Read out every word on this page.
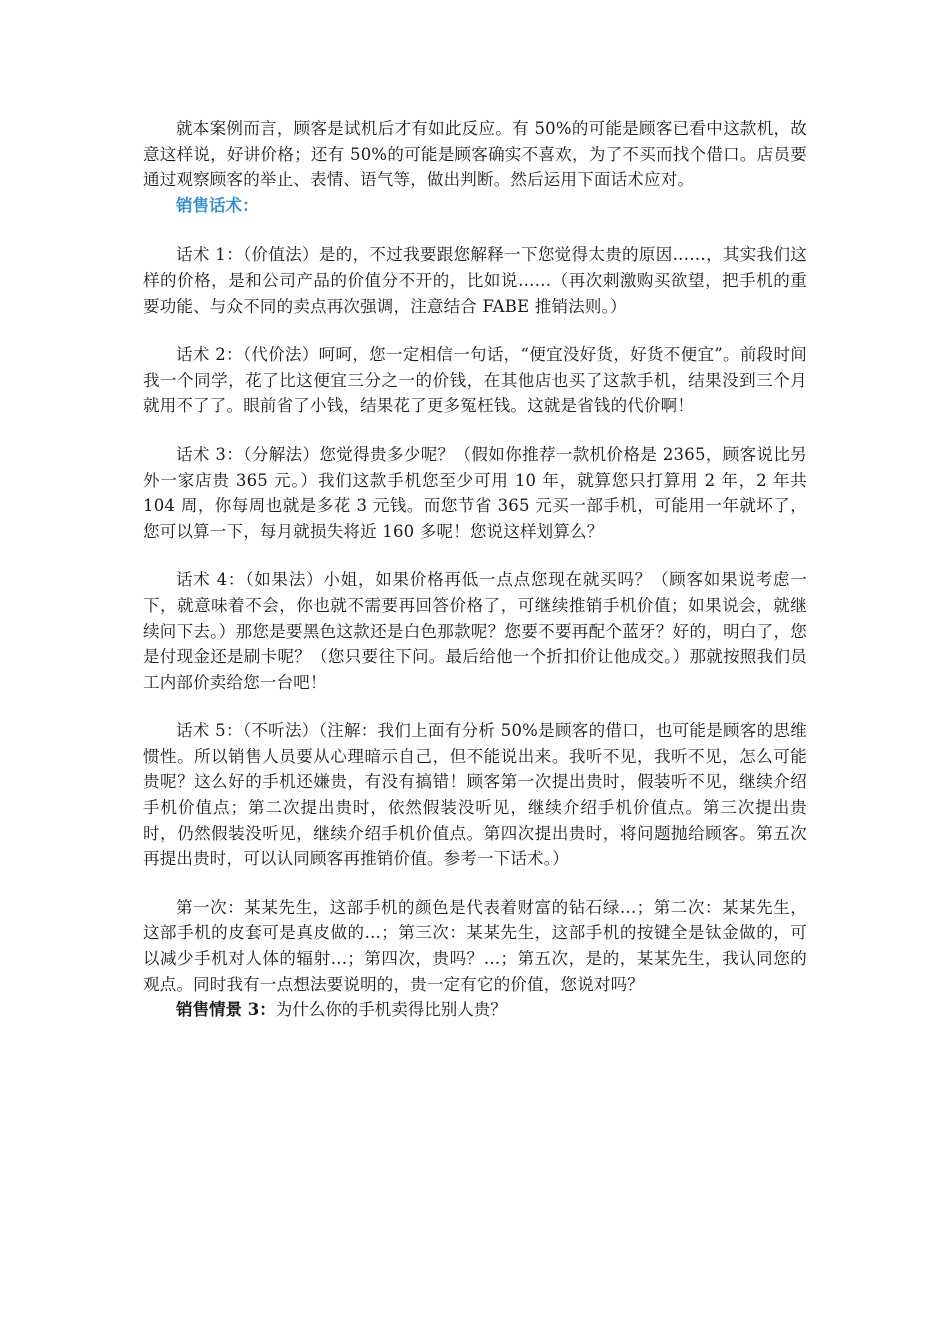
就本案例而言，顾客是试机后才有如此反应。有 50%的可能是顾客已看中这款机，故意这样说，好讲价格；还有 50%的可能是顾客确实不喜欢，为了不买而找个借口。店员要通过观察顾客的举止、表情、语气等，做出判断。然后运用下面话术应对。

销售话术：

话术 1：（价值法）是的，不过我要跟您解释一下您觉得太贵的原因……，其实我们这样的价格，是和公司产品的价值分不开的，比如说……（再次刺激购买欲望，把手机的重要功能、与众不同的卖点再次强调，注意结合 FABE 推销法则。）

话术 2：（代价法）呵呵，您一定相信一句话，“便宜没好货，好货不便宜”。前段时间我一个同学，花了比这便宜三分之一的价钱，在其他店也买了这款手机，结果没到三个月就用不了了。眼前省了小钱，结果花了更多冤枉钱。这就是省钱的代价啊！

话术 3：（分解法）您觉得贵多少呢？（假如你推荐一款机价格是 2365，顾客说比另外一家店贵 365 元。）我们这款手机您至少可用 10 年，就算您只打算用 2 年，2 年共 104 周，你每周也就是多花 3 元钱。而您节省 365 元买一部手机，可能用一年就坏了，您可以算一下，每月就损失将近 160 多呢！您说这样划算么？

话术 4：（如果法）小姐，如果价格再低一点点您现在就买吗？（顾客如果说考虑一下，就意味着不会，你也就不需要再回答价格了，可继续推销手机价值；如果说会，就继续问下去。）那您是要黑色这款还是白色那款呢？您要不要再配个蓝牙？好的，明白了，您是付现金还是刷卡呢？（您只要往下问。最后给他一个折扣价让他成交。）那就按照我们员工内部价卖给您一台吧！

话术 5：（不听法）（注解：我们上面有分析 50%是顾客的借口，也可能是顾客的思维惯性。所以销售人员要从心理暗示自己，但不能说出来。我听不见，我听不见，怎么可能贵呢？这么好的手机还嫌贵，有没有搞错！顾客第一次提出贵时，假装听不见，继续介绍手机价值点；第二次提出贵时，依然假装没听见，继续介绍手机价值点。第三次提出贵时，仍然假装没听见，继续介绍手机价值点。第四次提出贵时，将问题抛给顾客。第五次再提出贵时，可以认同顾客再推销价值。参考一下话术。）

第一次：某某先生，这部手机的颜色是代表着财富的钻石绿…；第二次：某某先生，这部手机的皮套可是真皮做的…；第三次：某某先生，这部手机的按键全是钛金做的，可以减少手机对人体的辐射…；第四次，贵吗？…；第五次，是的，某某先生，我认同您的观点。同时我有一点想法要说明的，贵一定有它的价值，您说对吗？

销售情景 3：为什么你的手机卖得比别人贵？
